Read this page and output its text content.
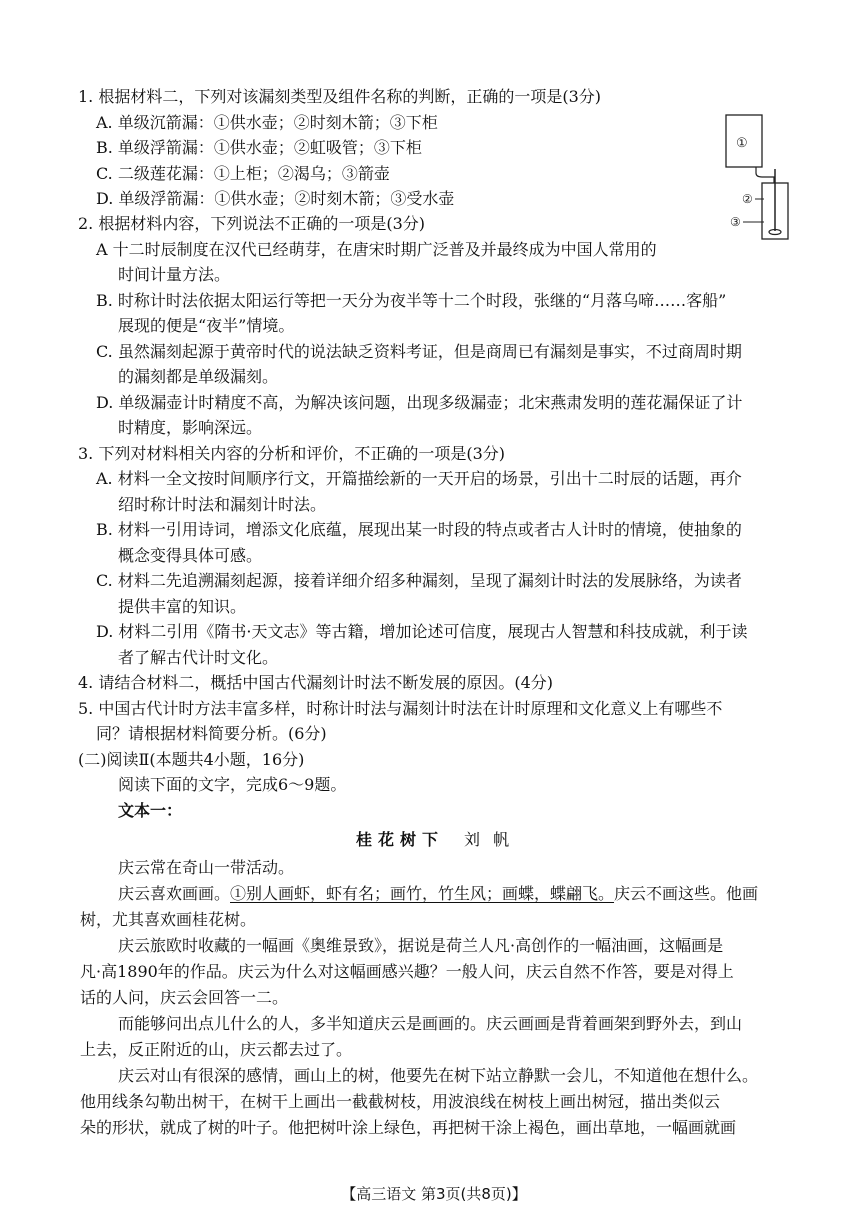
1. 根据材料二，下列对该漏刻类型及组件名称的判断，正确的一项是(3分)
A. 单级沉箭漏：①供水壶；②时刻木箭；③下柜
B. 单级浮箭漏：①供水壶；②虹吸管；③下柜
C. 二级莲花漏：①上柜；②渴乌；③箭壶
D. 单级浮箭漏：①供水壶；②时刻木箭；③受水壶
①
②
③
2. 根据材料内容，下列说法不正确的一项是(3分)
A 十二时辰制度在汉代已经萌芽，在唐宋时期广泛普及并最终成为中国人常用的
时间计量方法。
B. 时称计时法依据太阳运行等把一天分为夜半等十二个时段，张继的“月落乌啼……客船”
展现的便是“夜半”情境。
C. 虽然漏刻起源于黄帝时代的说法缺乏资料考证，但是商周已有漏刻是事实，不过商周时期
的漏刻都是单级漏刻。
D. 单级漏壶计时精度不高，为解决该问题，出现多级漏壶；北宋燕肃发明的莲花漏保证了计
时精度，影响深远。
3. 下列对材料相关内容的分析和评价，不正确的一项是(3分)
A. 材料一全文按时间顺序行文，开篇描绘新的一天开启的场景，引出十二时辰的话题，再介
绍时称计时法和漏刻计时法。
B. 材料一引用诗词，增添文化底蕴，展现出某一时段的特点或者古人计时的情境，使抽象的
概念变得具体可感。
C. 材料二先追溯漏刻起源，接着详细介绍多种漏刻，呈现了漏刻计时法的发展脉络，为读者
提供丰富的知识。
D. 材料二引用《隋书·天文志》等古籍，增加论述可信度，展现古人智慧和科技成就，利于读
者了解古代计时文化。
4. 请结合材料二，概括中国古代漏刻计时法不断发展的原因。(4分)
5. 中国古代计时方法丰富多样，时称计时法与漏刻计时法在计时原理和文化意义上有哪些不
同？请根据材料简要分析。(6分)
(二)阅读Ⅱ(本题共4小题，16分)
阅读下面的文字，完成6～9题。
文本一：
桂花树下 刘 帆
庆云常在奇山一带活动。
庆云喜欢画画。①别人画虾，虾有名；画竹，竹生风；画蝶，蝶翩飞。庆云不画这些。他画
树，尤其喜欢画桂花树。
庆云旅欧时收藏的一幅画《奥维景致》，据说是荷兰人凡·高创作的一幅油画，这幅画是
凡·高1890年的作品。庆云为什么对这幅画感兴趣？一般人问，庆云自然不作答，要是对得上
话的人问，庆云会回答一二。
而能够问出点儿什么的人，多半知道庆云是画画的。庆云画画是背着画架到野外去，到山
上去，反正附近的山，庆云都去过了。
庆云对山有很深的感情，画山上的树，他要先在树下站立静默一会儿，不知道他在想什么。
他用线条勾勒出树干，在树干上画出一截截树枝，用波浪线在树枝上画出树冠，描出类似云
朵的形状，就成了树的叶子。他把树叶涂上绿色，再把树干涂上褐色，画出草地，一幅画就画
【高三语文 第3页(共8页)】
